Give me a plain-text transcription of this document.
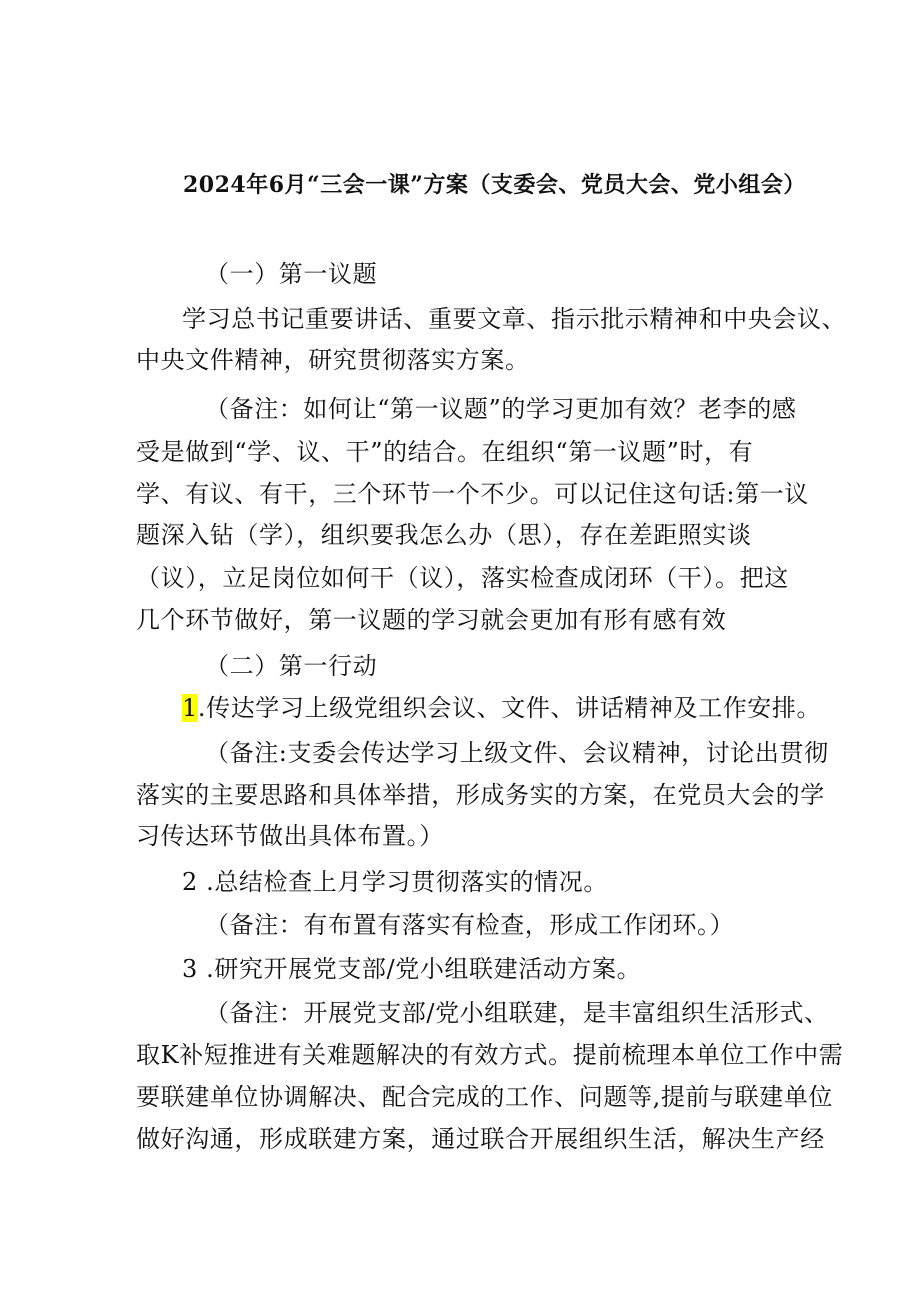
2024年6月“三会一课”方案（支委会、党员大会、党小组会）
（一）第一议题
学习总书记重要讲话、重要文章、指示批示精神和中央会议、
中央文件精神，研究贯彻落实方案。
（备注：如何让“第一议题”的学习更加有效？老李的感
受是做到“学、议、干”的结合。在组织“第一议题”时，有
学、有议、有干，三个环节一个不少。可以记住这句话:第一议
题深入钻（学），组织要我怎么办（思），存在差距照实谈
（议），立足岗位如何干（议），落实检查成闭环（干）。把这
几个环节做好，第一议题的学习就会更加有形有感有效
（二）第一行动
1.传达学习上级党组织会议、文件、讲话精神及工作安排。
（备注:支委会传达学习上级文件、会议精神，讨论出贯彻
落实的主要思路和具体举措，形成务实的方案，在党员大会的学
习传达环节做出具体布置。）
2 .总结检查上月学习贯彻落实的情况。
（备注：有布置有落实有检查，形成工作闭环。）
3 .研究开展党支部/党小组联建活动方案。
（备注：开展党支部/党小组联建，是丰富组织生活形式、
取K补短推进有关难题解决的有效方式。提前梳理本单位工作中需
要联建单位协调解决、配合完成的工作、问题等,提前与联建单位
做好沟通，形成联建方案，通过联合开展组织生活，解决生产经
